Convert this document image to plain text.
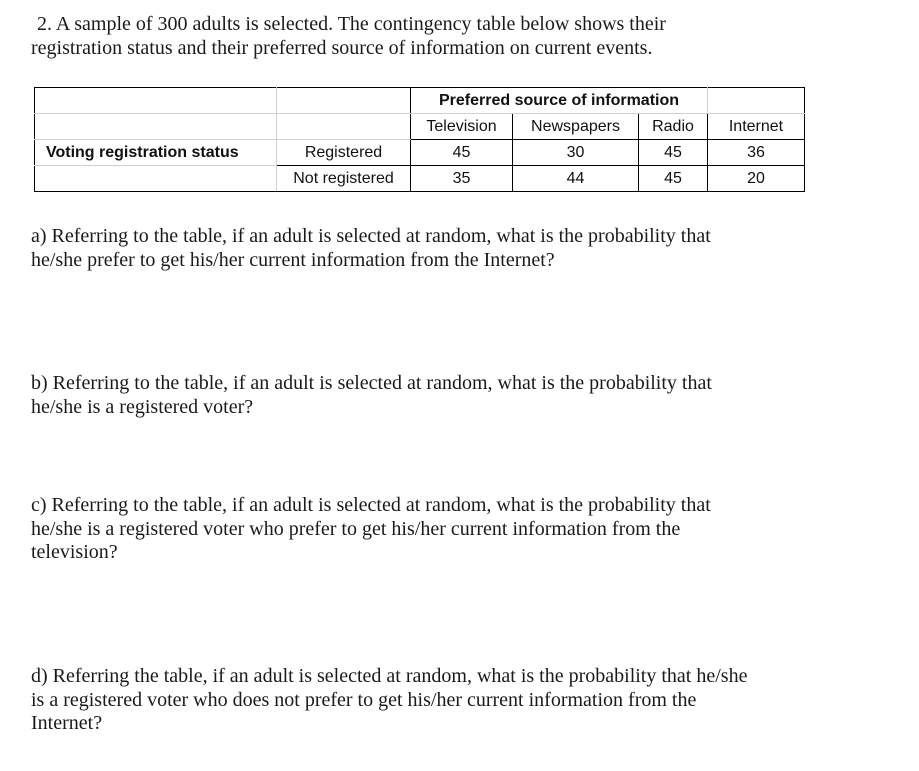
2. A sample of 300 adults is selected. The contingency table below shows their
registration status and their preferred source of information on current events.

		Preferred source of information			
		Television	Newspapers	Radio	Internet
Voting registration status	Registered	45	30	45	36
	Not registered	35	44	45	20

a) Referring to the table, if an adult is selected at random, what is the probability that
he/she prefer to get his/her current information from the Internet?

b) Referring to the table, if an adult is selected at random, what is the probability that
he/she is a registered voter?

c) Referring to the table, if an adult is selected at random, what is the probability that
he/she is a registered voter who prefer to get his/her current information from the
television?

d) Referring the table, if an adult is selected at random, what is the probability that he/she
is a registered voter who does not prefer to get his/her current information from the
Internet?
